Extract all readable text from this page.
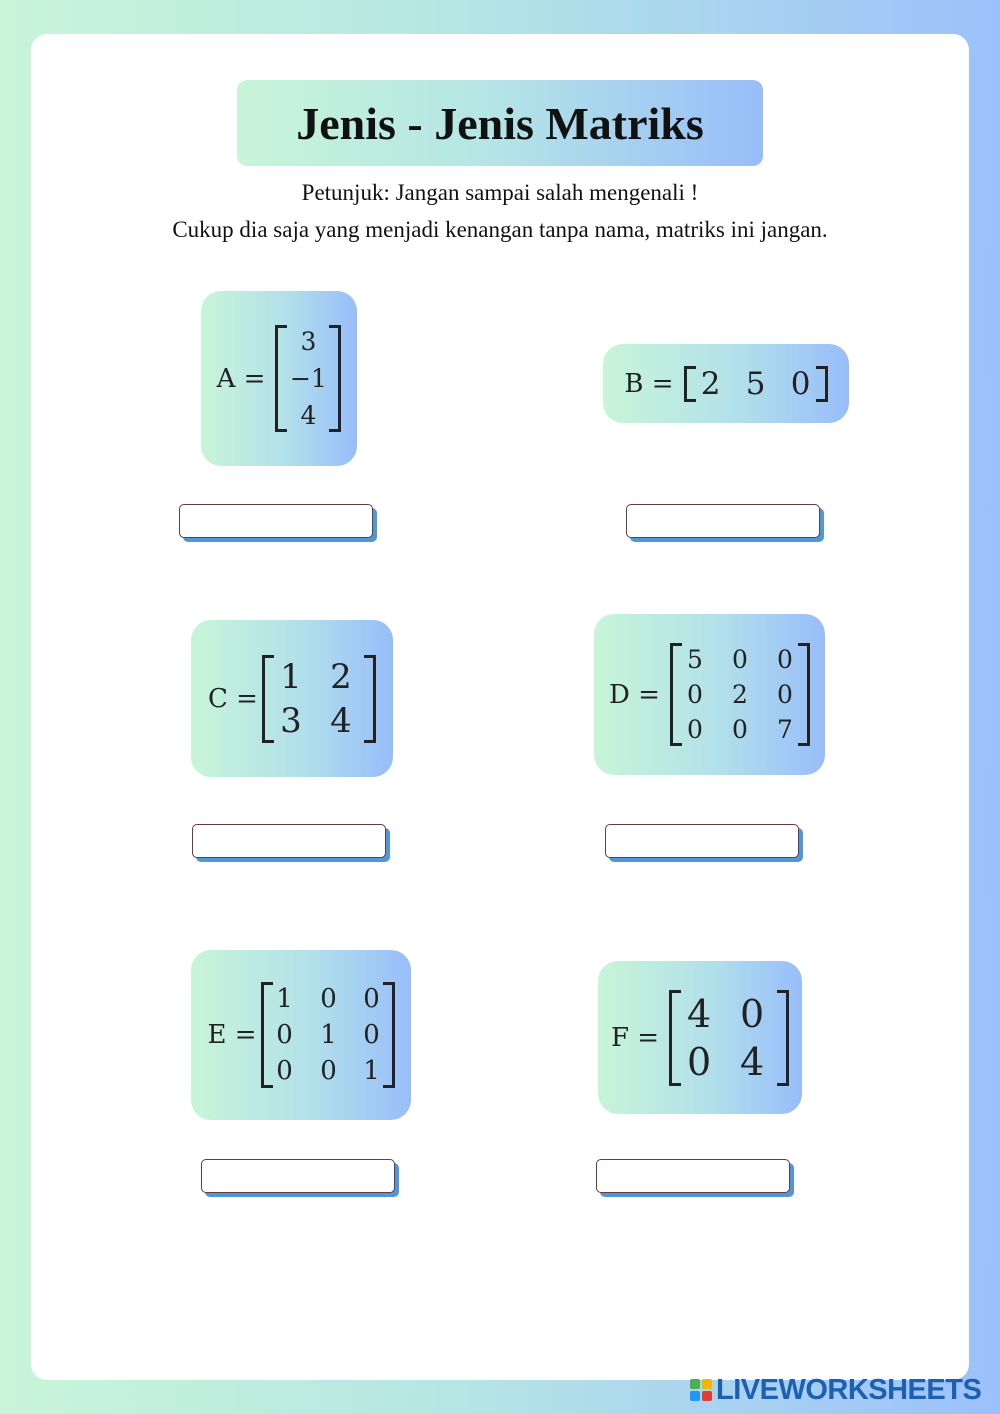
Jenis - Jenis Matriks
Petunjuk: Jangan sampai salah mengenali !
Cukup dia saja yang menjadi kenangan tanpa nama, matriks ini jangan.
A =
3
−1
4
B = 2 5 0
C =
1 2
3 4
D =
5 0 0
0 2 0
0 0 7
E =
1 0 0
0 1 0
0 0 1
F =
4 0
0 4
LIVEWORKSHEETS
